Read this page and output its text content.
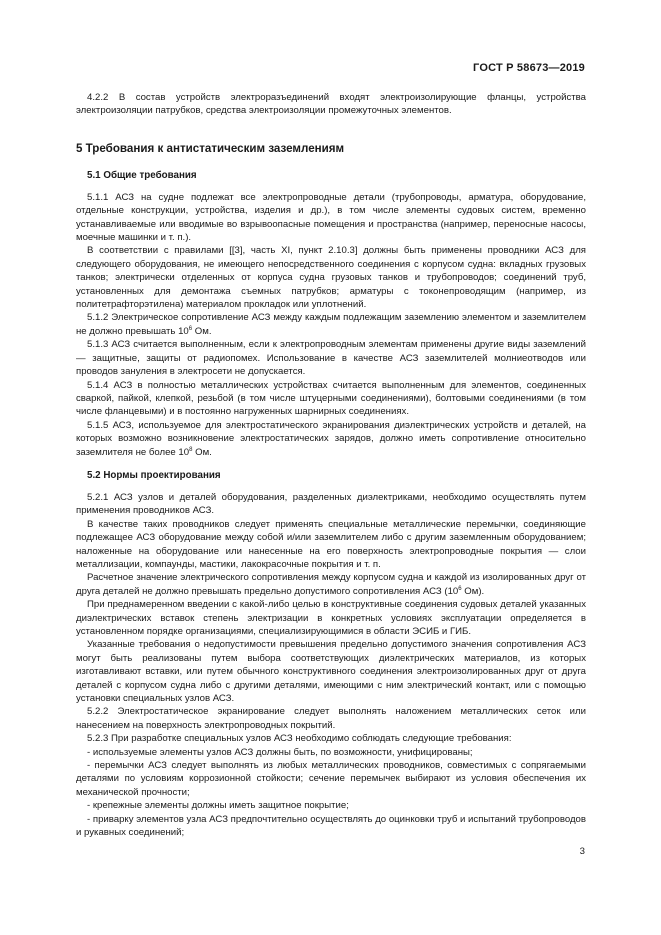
ГОСТ Р 58673—2019

4.2.2 В состав устройств электроразъединений входят электроизолирующие фланцы, устройства электроизоляции патрубков, средства электроизоляции промежуточных элементов.

5 Требования к антистатическим заземлениям
5.1 Общие требования

5.1.1 АСЗ на судне подлежат все электропроводные детали (трубопроводы, арматура, оборудование, отдельные конструкции, устройства, изделия и др.), в том числе элементы судовых систем, временно устанавливаемые или вводимые во взрывоопасные помещения и пространства (например, переносные насосы, моечные машинки и т. п.).

В соответствии с правилами [[3], часть XI, пункт 2.10.3] должны быть применены проводники АСЗ для следующего оборудования, не имеющего непосредственного соединения с корпусом судна: вкладных грузовых танков; электрически отделенных от корпуса судна грузовых танков и трубопроводов; соединений труб, установленных для демонтажа съемных патрубков; арматуры с токонепроводящим (например, из политетрафторэтилена) материалом прокладок или уплотнений.

5.1.2 Электрическое сопротивление АСЗ между каждым подлежащим заземлению элементом и заземлителем не должно превышать $10^6$ Ом.

5.1.3 АСЗ считается выполненным, если к электропроводным элементам применены другие виды заземлений — защитные, защиты от радиопомех. Использование в качестве АСЗ заземлителей молниеотводов или проводов зануления в электросети не допускается.

5.1.4 АСЗ в полностью металлических устройствах считается выполненным для элементов, соединенных сваркой, пайкой, клепкой, резьбой (в том числе штуцерными соединениями), болтовыми соединениями (в том числе фланцевыми) и в постоянно нагруженных шарнирных соединениях.

5.1.5 АСЗ, используемое для электростатического экранирования диэлектрических устройств и деталей, на которых возможно возникновение электростатических зарядов, должно иметь сопротивление относительно заземлителя не более $10^8$ Ом.

5.2 Нормы проектирования

5.2.1 АСЗ узлов и деталей оборудования, разделенных диэлектриками, необходимо осуществлять путем применения проводников АСЗ.

В качестве таких проводников следует применять специальные металлические перемычки, соединяющие подлежащее АСЗ оборудование между собой и/или заземлителем либо с другим заземленным оборудованием; наложенные на оборудование или нанесенные на его поверхность электропроводные покрытия — слои металлизации, компаунды, мастики, лакокрасочные покрытия и т. п.

Расчетное значение электрического сопротивления между корпусом судна и каждой из изолированных друг от друга деталей не должно превышать предельно допустимого сопротивления АСЗ ($10^6$ Ом).

При преднамеренном введении с какой-либо целью в конструктивные соединения судовых деталей указанных диэлектрических вставок степень электризации в конкретных условиях эксплуатации определяется в установленном порядке организациями, специализирующимися в области ЭСИБ и ГИБ.

Указанные требования о недопустимости превышения предельно допустимого значения сопротивления АСЗ могут быть реализованы путем выбора соответствующих диэлектрических материалов, из которых изготавливают вставки, или путем обычного конструктивного соединения электроизолированных друг от друга деталей с корпусом судна либо с другими деталями, имеющими с ним электрический контакт, или с помощью установки специальных узлов АСЗ.

5.2.2 Электростатическое экранирование следует выполнять наложением металлических сеток или нанесением на поверхность электропроводных покрытий.

5.2.3 При разработке специальных узлов АСЗ необходимо соблюдать следующие требования:

- используемые элементы узлов АСЗ должны быть, по возможности, унифицированы;

- перемычки АСЗ следует выполнять из любых металлических проводников, совместимых с сопрягаемыми деталями по условиям коррозионной стойкости; сечение перемычек выбирают из условия обеспечения их механической прочности;

- крепежные элементы должны иметь защитное покрытие;

- приварку элементов узла АСЗ предпочтительно осуществлять до оцинковки труб и испытаний трубопроводов и рукавных соединений;

3
